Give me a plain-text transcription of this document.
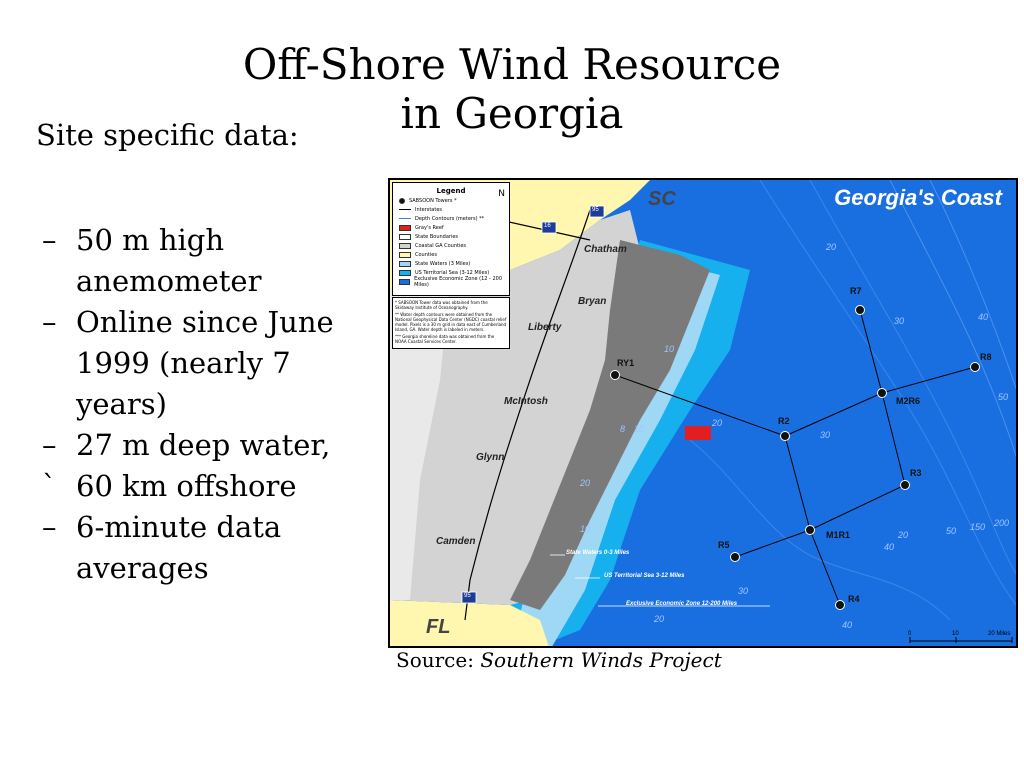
Off-Shore Wind Resource
in Georgia
Site specific data:
– 50 m high anemometer
– Online since June 1999 (nearly 7 years)
– 27 m deep water,
` 60 km offshore
– 6-minute data averages
Legend	N
SABSOON Towers *
Interstates
Depth Contours (meters) **
Gray's Reef
State Boundaries
Coastal GA Counties
Counties
State Waters (3 Miles)
US Territorial Sea (3-12 Miles)
Exclusive Economic Zone (12 - 200 Miles)
* SABSOON Tower data was obtained from the Skidaway Institute of Oceanography.
** Water depth contours were obtained from the National Geophysical Data Center (NGDC) coastal relief model. Pixels is a 30 m grid in data east of Cumberland Island, GA. Water depth is labeled in meters.
*** Georgia shoreline data was obtained from the NOAA Coastal Services Center.
Georgia's Coast
SC
FL
Chatham
Bryan
Liberty
McIntosh
Glynn
Camden
16
95
95
RY1
R2
R3
R4
R5
R7
R8
M2R6
M1R1
20
30	40
50
10
8 10
20
30
20
10
20
40
50 150 200
30
40
20
State Waters 0-3 Miles
US Territorial Sea 3-12 Miles
Exclusive Economic Zone 12-200 Miles
0	10	20 Miles
Source: Southern Winds Project
